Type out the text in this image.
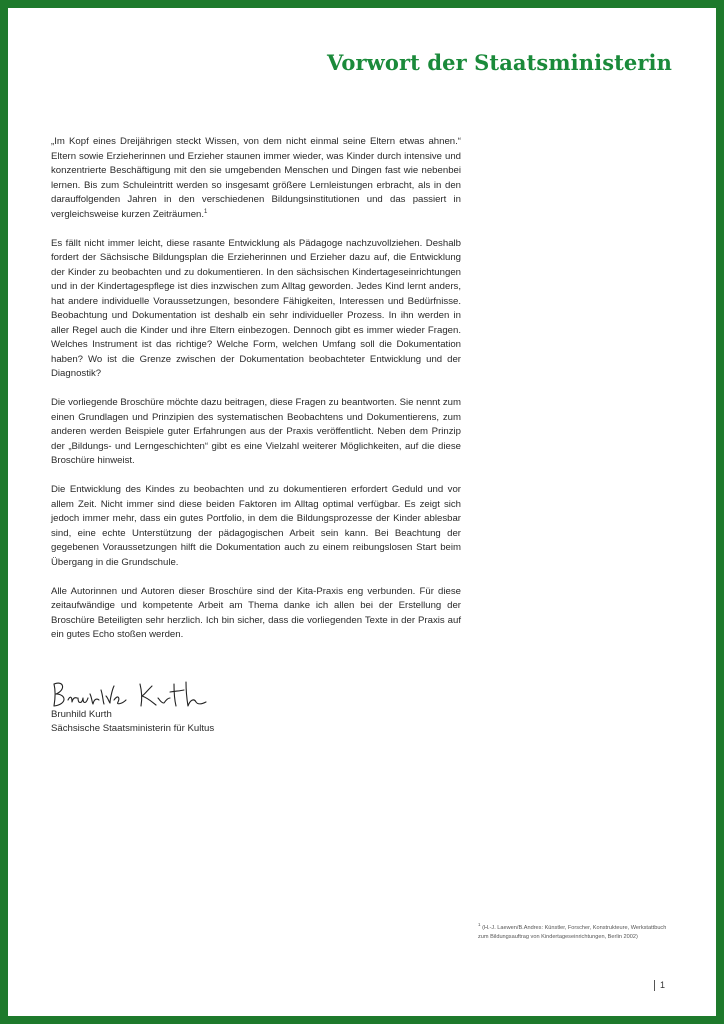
Vorwort der Staatsministerin

„Im Kopf eines Dreijährigen steckt Wissen, von dem nicht einmal seine Eltern etwas ahnen.“ Eltern sowie Erzieherinnen und Erzieher staunen immer wieder, was Kinder durch intensive und konzentrierte Beschäftigung mit den sie umgebenden Menschen und Dingen fast wie nebenbei lernen. Bis zum Schuleintritt werden so insgesamt größere Lernleistungen erbracht, als in den darauffolgenden Jahren in den verschiedenen Bildungsinstitutionen und das passiert in vergleichsweise kurzen Zeiträumen.$^1$

Es fällt nicht immer leicht, diese rasante Entwicklung als Pädagoge nachzuvollziehen. Deshalb fordert der Sächsische Bildungsplan die Erzieherinnen und Erzieher dazu auf, die Entwicklung der Kinder zu beobachten und zu dokumentieren. In den sächsischen Kindertageseinrichtungen und in der Kindertagespflege ist dies inzwischen zum Alltag geworden. Jedes Kind lernt anders, hat andere individuelle Voraussetzungen, besondere Fähigkeiten, Interessen und Bedürfnisse. Beobachtung und Dokumentation ist deshalb ein sehr individueller Prozess. In ihn werden in aller Regel auch die Kinder und ihre Eltern einbezogen. Dennoch gibt es immer wieder Fragen. Welches Instrument ist das richtige? Welche Form, welchen Umfang soll die Dokumentation haben? Wo ist die Grenze zwischen der Dokumentation beobachteter Entwicklung und der Diagnostik?

Die vorliegende Broschüre möchte dazu beitragen, diese Fragen zu beantworten. Sie nennt zum einen Grundlagen und Prinzipien des systematischen Beobachtens und Dokumentierens, zum anderen werden Beispiele guter Erfahrungen aus der Praxis veröffentlicht. Neben dem Prinzip der „Bildungs- und Lerngeschichten“ gibt es eine Vielzahl weiterer Möglichkeiten, auf die diese Broschüre hinweist.

Die Entwicklung des Kindes zu beobachten und zu dokumentieren erfordert Geduld und vor allem Zeit. Nicht immer sind diese beiden Faktoren im Alltag optimal verfügbar. Es zeigt sich jedoch immer mehr, dass ein gutes Portfolio, in dem die Bildungsprozesse der Kinder ablesbar sind, eine echte Unterstützung der pädagogischen Arbeit sein kann. Bei Beachtung der gegebenen Voraussetzungen hilft die Dokumentation auch zu einem reibungslosen Start beim Übergang in die Grundschule.

Alle Autorinnen und Autoren dieser Broschüre sind der Kita-Praxis eng verbunden. Für diese zeitaufwändige und kompetente Arbeit am Thema danke ich allen bei der Erstellung der Broschüre Beteiligten sehr herzlich. Ich bin sicher, dass die vorliegenden Texte in der Praxis auf ein gutes Echo stoßen werden.

Brunhild Kurth
Sächsische Staatsministerin für Kultus
$^1$ (H.-J. Laewen/B.Andres: Künstler, Forscher, Konstrukteure, Werkstattbuch zum Bildungsauftrag von Kindertageseinrichtungen, Berlin 2002)
1
